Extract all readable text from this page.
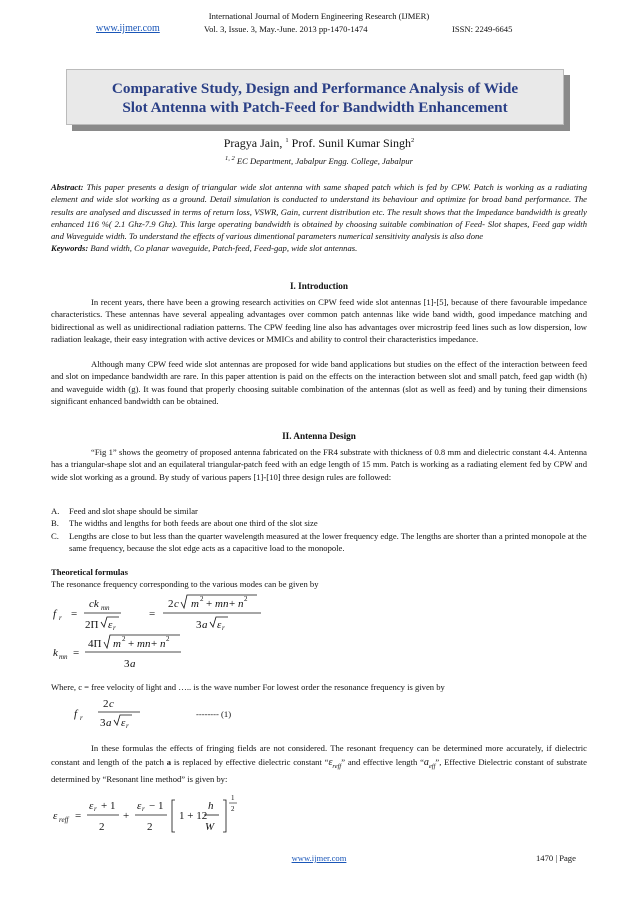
International Journal of Modern Engineering Research (IJMER)
www.ijmer.com	Vol. 3, Issue. 3, May.-June. 2013 pp-1470-1474	ISSN: 2249-6645
Comparative Study, Design and Performance Analysis of Wide
Slot Antenna with Patch-Feed for Bandwidth Enhancement
Pragya Jain, $^1$ Prof. Sunil Kumar Singh$^2$
$^{1, 2}$ EC Department, Jabalpur Engg. College, Jabalpur
Abstract: This paper presents a design of triangular wide slot antenna with same shaped patch which is fed by CPW. Patch is working as a radiating element and wide slot working as a ground. Detail simulation is conducted to understand its behaviour and optimize for broad band performance. The results are analysed and discussed in terms of return loss, VSWR, Gain, current distribution etc. The result shows that the Impedance bandwidth is greatly enhanced 116 %( 2.1 Ghz-7.9 Ghz). This large operating bandwidth is obtained by choosing suitable combination of Feed- Slot shapes, Feed gap width and Waveguide width. To understand the effects of various dimentional parameters numerical sensitivity analysis is also done
Keywords: Band width, Co planar waveguide, Patch-feed, Feed-gap, wide slot antennas.
I. Introduction
In recent years, there have been a growing research activities on CPW feed wide slot antennas [1]-[5], because of there favourable impedance characteristics. These antennas have several appealing advantages over common patch antennas like wide band width, good impedance matching and bidirectional as well as unidirectional radiation patterns. The CPW feeding line also has advantages over microstrip feed lines such as low dispersion, low radiation leakage, their easy integration with active devices or MMICs and ability to control their characteristics impedance.
Although many CPW feed wide slot antennas are proposed for wide band applications but studies on the effect of the interaction between feed and slot on impedance bandwidth are rare. In this paper attention is paid on the effects on the interaction between slot and small patch, feed gap width (h) and waveguide width (g). It was found that properly choosing suitable combination of the antennas (slot as well as feed) and by tuning their dimensions significant enhanced bandwidth can be obtained.
II. Antenna Design
“Fig 1” shows the geometry of proposed antenna fabricated on the FR4 substrate with thickness of 0.8 mm and dielectric constant 4.4. Antenna has a triangular-shape slot and an equilateral triangular-patch feed with an edge length of 15 mm. Patch is working as a radiating element fed by CPW and wide slot working as a ground. By study of various papers [1]-[10] three design rules are followed:
A. Feed and slot shape should be similar
B. The widths and lengths for both feeds are about one third of the slot size
C. Lengths are close to but less than the quarter wavelength measured at the lower frequency edge. The lengths are shorter than a printed monopole at the same frequency, because the slot edge acts as a capacitive load to the monopole.
Theoretical formulas
The resonance frequency corresponding to the various modes can be given by
f r =
ck mn
2Π ε r
=
2 c m 2 + mn + n 2
3 a ε r
k mn =
4Π m 2 + mn + n 2
3 a
Where, c = free velocity of light and ….. is the wave number For lowest order the resonance frequency is given by
f r
2 c
3 a ε r
-------- (1)
In these formulas the effects of fringing fields are not considered. The resonant frequency can be determined more accurately, if dielectric constant and length of the patch a is replaced by effective dielectric constant “$\varepsilon_{reff}$” and effective length “$a_{eff}$”, Effective Dielectric constant of substrate determined by “Resonant line method” is given by:
ε reff =
ε r + 1
2
+
ε r − 1
2
1 + 12
h
W
1
2
www.ijmer.com	1470 | Page
